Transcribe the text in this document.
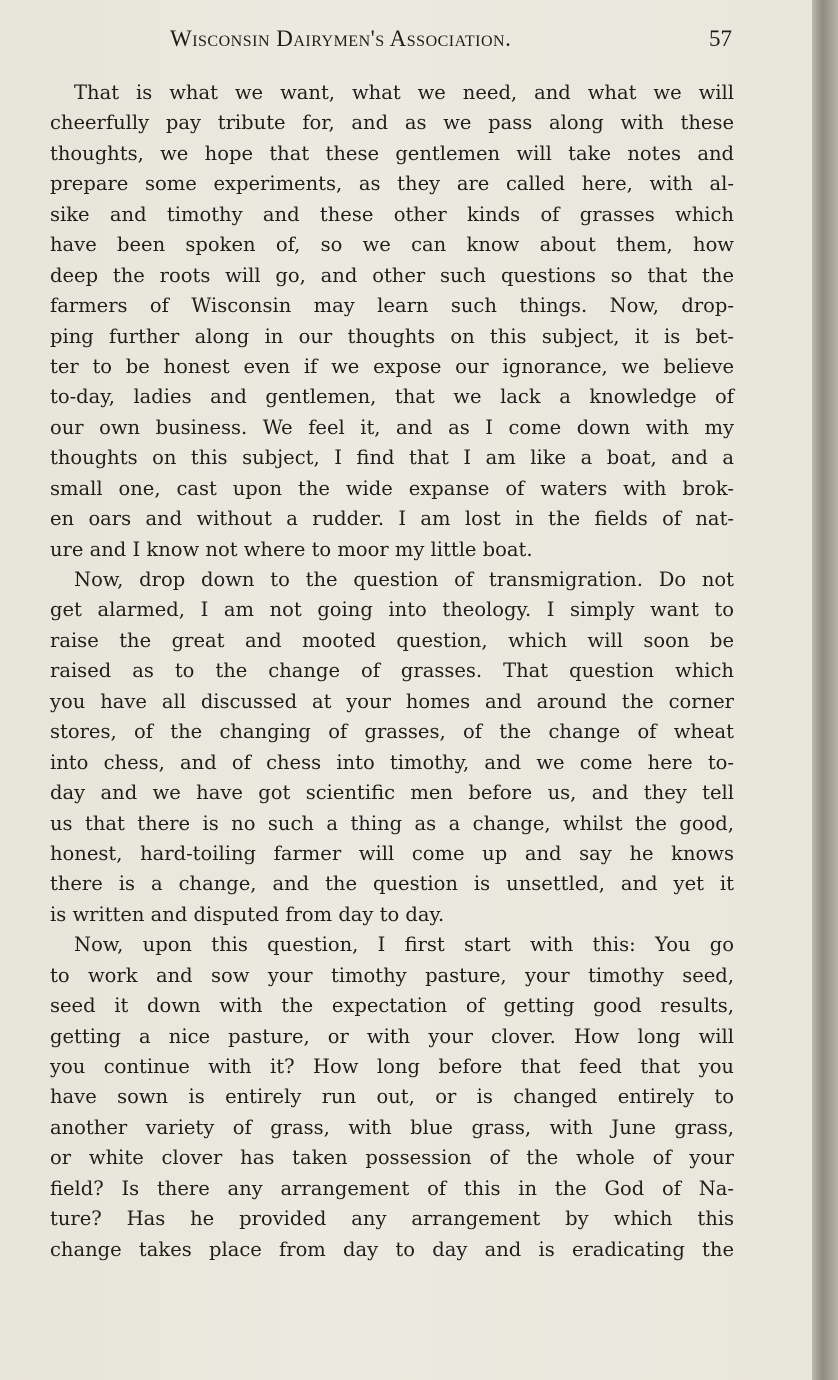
Wisconsin Dairymen's Association.	57
That is what we want, what we need, and what we will
cheerfully pay tribute for, and as we pass along with these
thoughts, we hope that these gentlemen will take notes and
prepare some experiments, as they are called here, with al-
sike and timothy and these other kinds of grasses which
have been spoken of, so we can know about them, how
deep the roots will go, and other such questions so that the
farmers of Wisconsin may learn such things. Now, drop-
ping further along in our thoughts on this subject, it is bet-
ter to be honest even if we expose our ignorance, we believe
to-day, ladies and gentlemen, that we lack a knowledge of
our own business. We feel it, and as I come down with my
thoughts on this subject, I find that I am like a boat, and a
small one, cast upon the wide expanse of waters with brok-
en oars and without a rudder. I am lost in the fields of nat-
ure and I know not where to moor my little boat.
Now, drop down to the question of transmigration. Do not
get alarmed, I am not going into theology. I simply want to
raise the great and mooted question, which will soon be
raised as to the change of grasses. That question which
you have all discussed at your homes and around the corner
stores, of the changing of grasses, of the change of wheat
into chess, and of chess into timothy, and we come here to-
day and we have got scientific men before us, and they tell
us that there is no such a thing as a change, whilst the good,
honest, hard-toiling farmer will come up and say he knows
there is a change, and the question is unsettled, and yet it
is written and disputed from day to day.
Now, upon this question, I first start with this: You go
to work and sow your timothy pasture, your timothy seed,
seed it down with the expectation of getting good results,
getting a nice pasture, or with your clover. How long will
you continue with it? How long before that feed that you
have sown is entirely run out, or is changed entirely to
another variety of grass, with blue grass, with June grass,
or white clover has taken possession of the whole of your
field? Is there any arrangement of this in the God of Na-
ture? Has he provided any arrangement by which this
change takes place from day to day and is eradicating the
